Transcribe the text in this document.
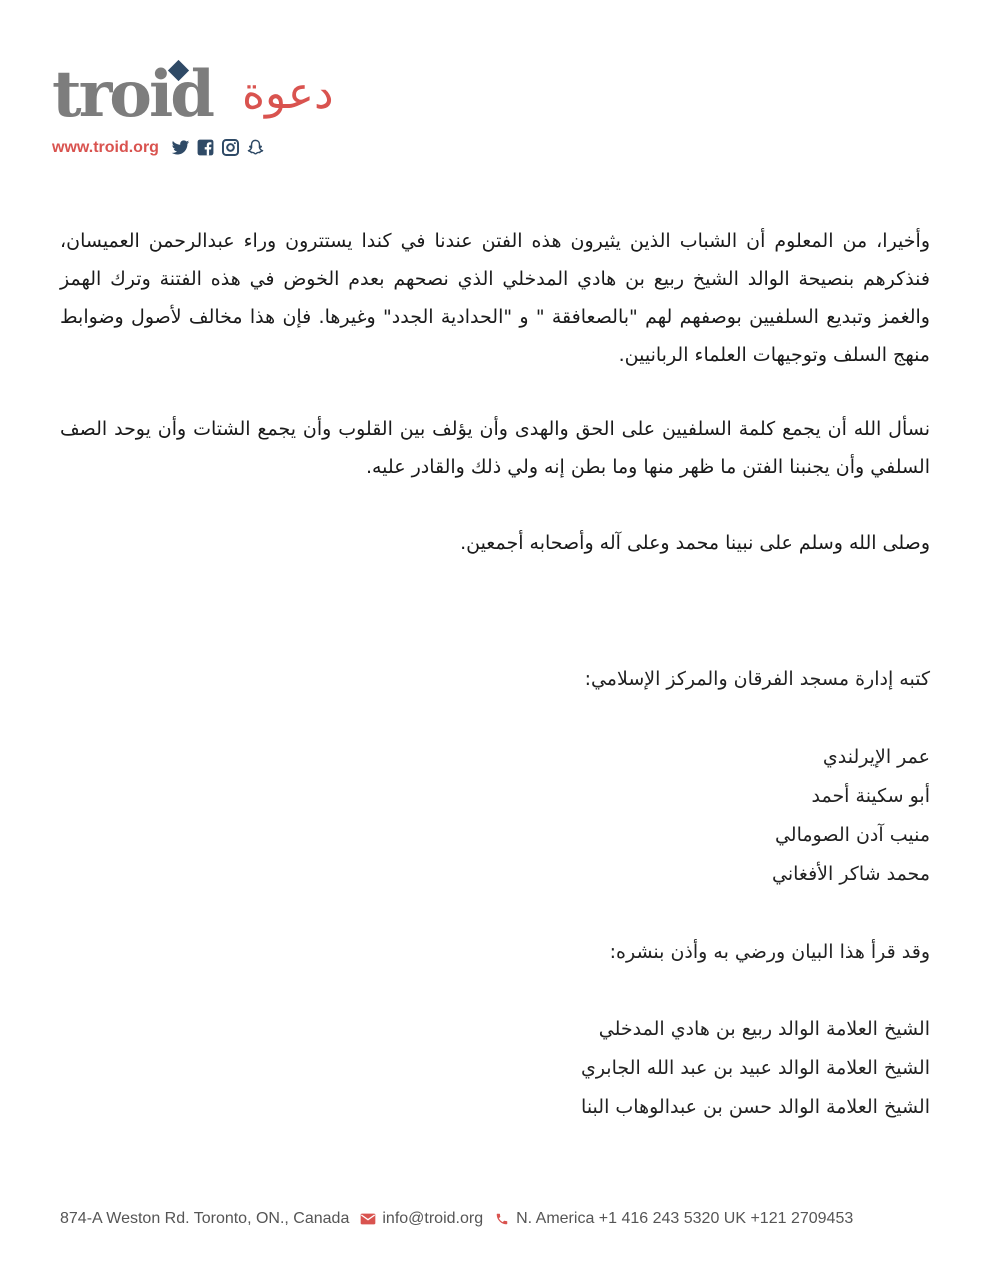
troid دعوة
www.troid.org

وأخيرا، من المعلوم أن الشباب الذين يثيرون هذه الفتن عندنا في كندا يستترون وراء عبدالرحمن العميسان، فنذكرهم بنصيحة الوالد الشيخ ربيع بن هادي المدخلي الذي نصحهم بعدم الخوض في هذه الفتنة وترك الهمز والغمز وتبديع السلفيين بوصفهم لهم "بالصعافقة " و "الحدادية الجدد" وغيرها. فإن هذا مخالف لأصول وضوابط منهج السلف وتوجيهات العلماء الربانيين.

نسأل الله أن يجمع كلمة السلفيين على الحق والهدى وأن يؤلف بين القلوب وأن يجمع الشتات وأن يوحد الصف السلفي وأن يجنبنا الفتن ما ظهر منها وما بطن إنه ولي ذلك والقادر عليه.

وصلى الله وسلم على نبينا محمد وعلى آله وأصحابه أجمعين.

كتبه إدارة مسجد الفرقان والمركز الإسلامي:
عمر الإيرلندي
أبو سكينة أحمد
منيب آدن الصومالي
محمد شاكر الأفغاني
وقد قرأ هذا البيان ورضي به وأذن بنشره:
الشيخ العلامة الوالد ربيع بن هادي المدخلي
الشيخ العلامة الوالد عبيد بن عبد الله الجابري
الشيخ العلامة الوالد حسن بن عبدالوهاب البنا
874-A Weston Rd. Toronto, ON., Canada info@troid.org N. America +1 416 243 5320 UK +121 2709453
